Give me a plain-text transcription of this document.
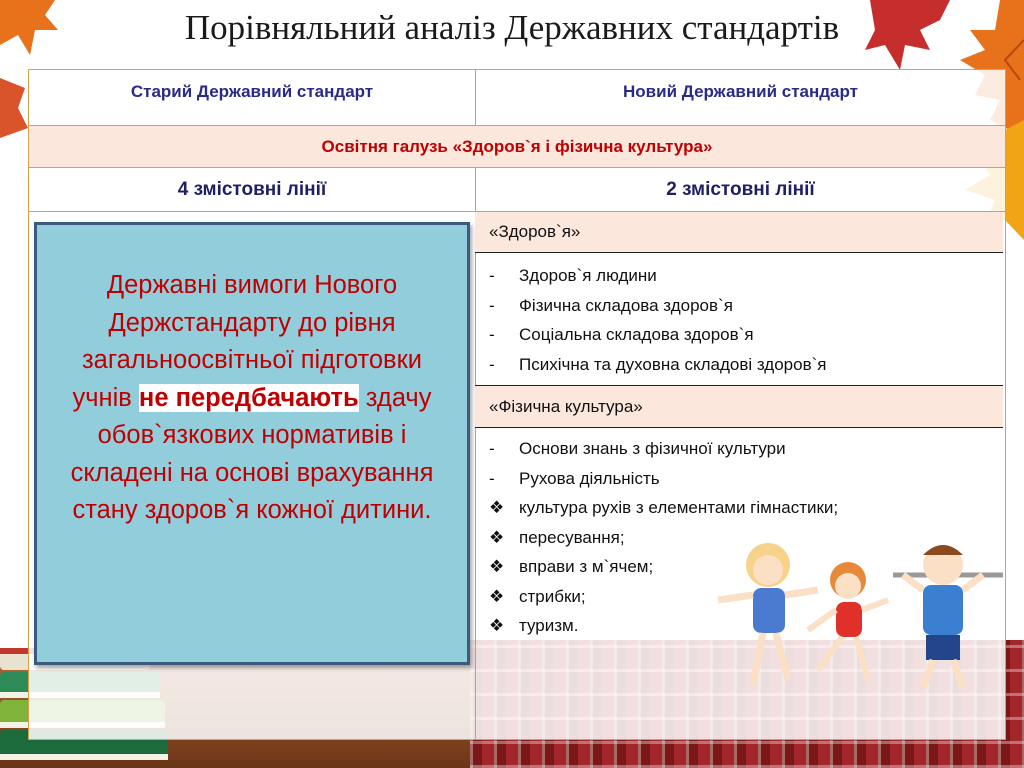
Порівняльний аналіз Державних стандартів
Старий Державний стандарт	Новий Державний стандарт
Освітня галузь «Здоров`я і фізична культура»
4 змістовні лінії	2 змістовні лінії
«Здоров`я»
-	Здоров`я людини
-	Фізична складова здоров`я
-	Соціальна складова здоров`я
-	Психічна та духовна складові здоров`я
«Фізична культура»
-	Основи знань з фізичної культури
-	Рухова діяльність
❖ культура рухів з елементами гімнастики;
❖ пересування;
❖ вправи з м`ячем;
❖ стрибки;
❖ туризм.
Державні вимоги Нового Держстандарту до рівня загальноосвітньої підготовки учнів не передбачають здачу обов`язкових нормативів і складені на основі врахування стану здоров`я кожної дитини.
